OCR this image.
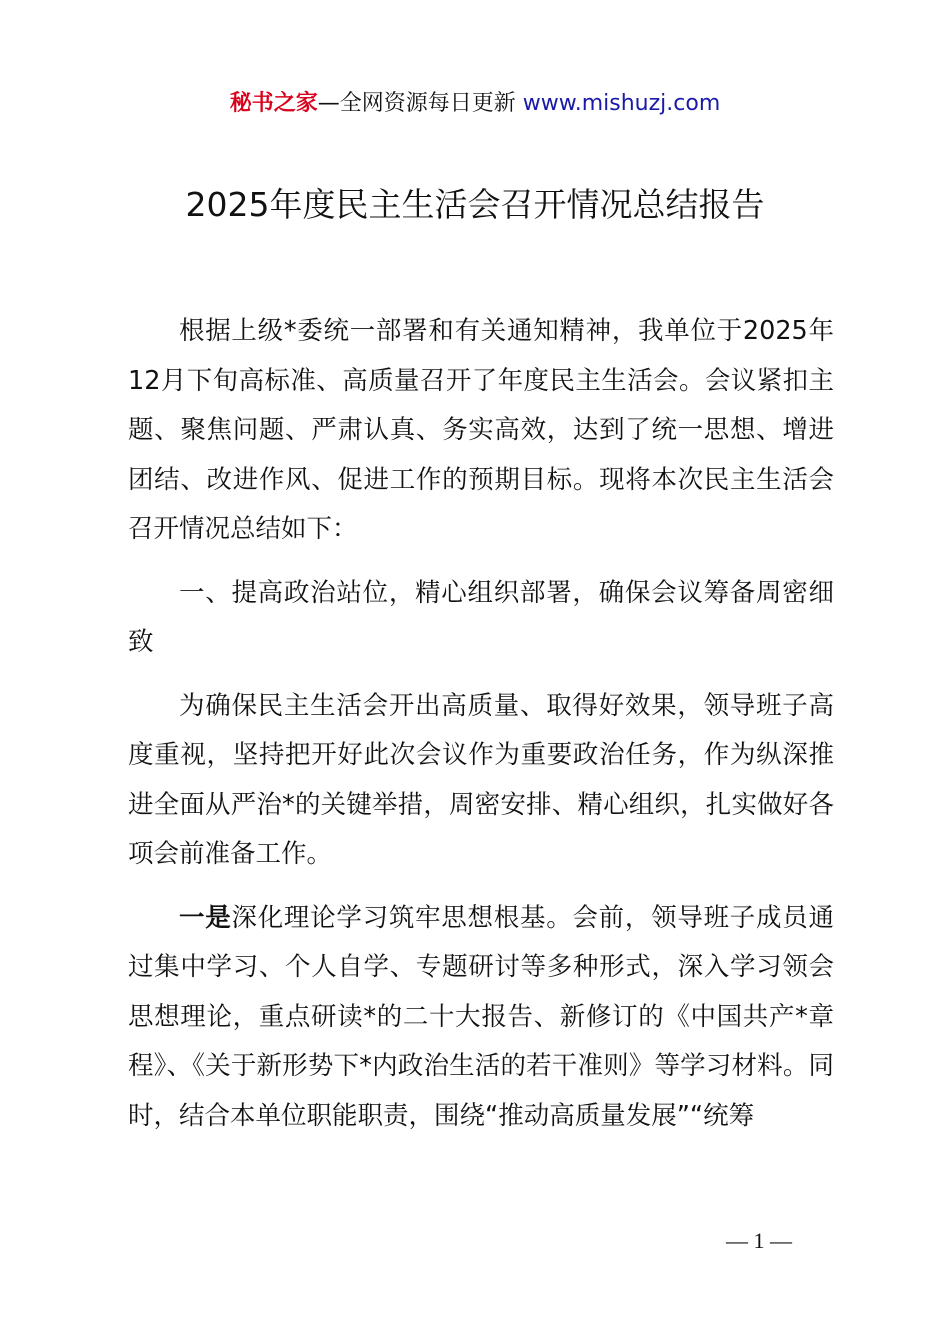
秘书之家—全网资源每日更新 www.mishuzj.com
2025年度民主生活会召开情况总结报告

根据上级*委统一部署和有关通知精神，我单位于2025年12月下旬高标准、高质量召开了年度民主生活会。会议紧扣主题、聚焦问题、严肃认真、务实高效，达到了统一思想、增进团结、改进作风、促进工作的预期目标。现将本次民主生活会召开情况总结如下：

一、提高政治站位，精心组织部署，确保会议筹备周密细致

为确保民主生活会开出高质量、取得好效果，领导班子高度重视，坚持把开好此次会议作为重要政治任务，作为纵深推进全面从严治*的关键举措，周密安排、精心组织，扎实做好各项会前准备工作。

一是深化理论学习筑牢思想根基。会前，领导班子成员通过集中学习、个人自学、专题研讨等多种形式，深入学习领会思想理论，重点研读*的二十大报告、新修订的《中国共产*章程》、《关于新形势下*内政治生活的若干准则》等学习材料。同时，结合本单位职能职责，围绕“推动高质量发展”“统筹

— 1 —
